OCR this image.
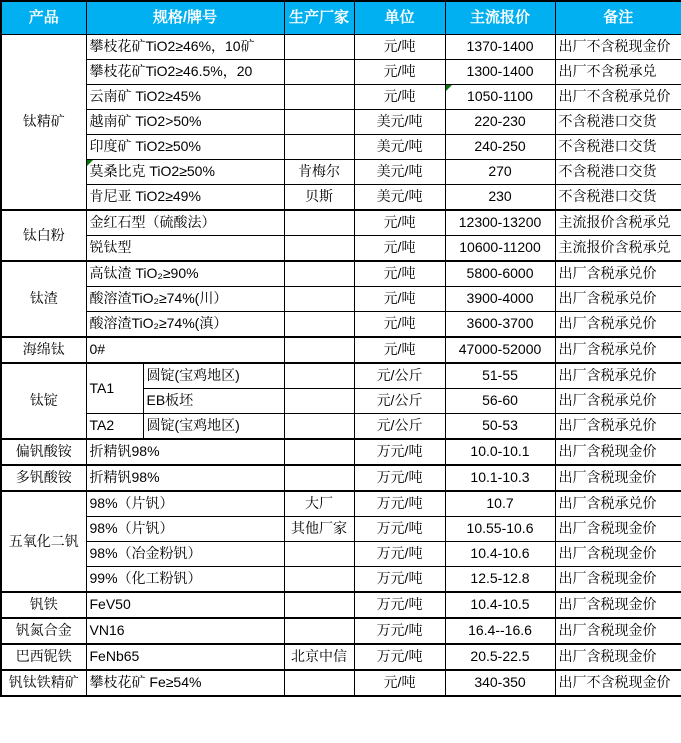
产品	规格/牌号		生产厂家	单位	主流报价	备注
钛精矿	攀枝花矿TiO2≥46%，10矿			元/吨	1370-1400	出厂不含税现金价
	攀枝花矿TiO2≥46.5%，20			元/吨	1300-1400	出厂不含税承兑
	云南矿 TiO2≥45%			元/吨	1050-1100	出厂不含税承兑价
	越南矿 TiO2>50%			美元/吨	220-230	不含税港口交货
	印度矿 TiO2≥50%			美元/吨	240-250	不含税港口交货
	莫桑比克 TiO2≥50%		肯梅尔	美元/吨	270	不含税港口交货
	肯尼亚 TiO2≥49%		贝斯	美元/吨	230	不含税港口交货
钛白粉	金红石型（硫酸法）			元/吨	12300-13200	主流报价含税承兑
	锐钛型			元/吨	10600-11200	主流报价含税承兑
钛渣	高钛渣 TiO₂≥90%			元/吨	5800-6000	出厂含税承兑价
	酸溶渣TiO₂≥74%(川）			元/吨	3900-4000	出厂含税承兑价
	酸溶渣TiO₂≥74%(滇）			元/吨	3600-3700	出厂含税承兑价
海绵钛	0#			元/吨	47000-52000	出厂含税承兑价
钛锭	TA1	圆锭(宝鸡地区)		元/公斤	51-55	出厂含税承兑价
		EB板坯		元/公斤	56-60	出厂含税承兑价
	TA2	圆锭(宝鸡地区)		元/公斤	50-53	出厂含税承兑价
偏钒酸铵	折精钒98%			万元/吨	10.0-10.1	出厂含税现金价
多钒酸铵	折精钒98%			万元/吨	10.1-10.3	出厂含税现金价
五氧化二钒	98%（片钒）		大厂	万元/吨	10.7	出厂含税承兑价
	98%（片钒）		其他厂家	万元/吨	10.55-10.6	出厂含税现金价
	98%（冶金粉钒）			万元/吨	10.4-10.6	出厂含税现金价
	99%（化工粉钒）			万元/吨	12.5-12.8	出厂含税现金价
钒铁	FeV50			万元/吨	10.4-10.5	出厂含税现金价
钒氮合金	VN16			万元/吨	16.4--16.6	出厂含税现金价
巴西铌铁	FeNb65		北京中信	万元/吨	20.5-22.5	出厂含税现金价
钒钛铁精矿	攀枝花矿 Fe≥54%			元/吨	340-350	出厂不含税现金价
